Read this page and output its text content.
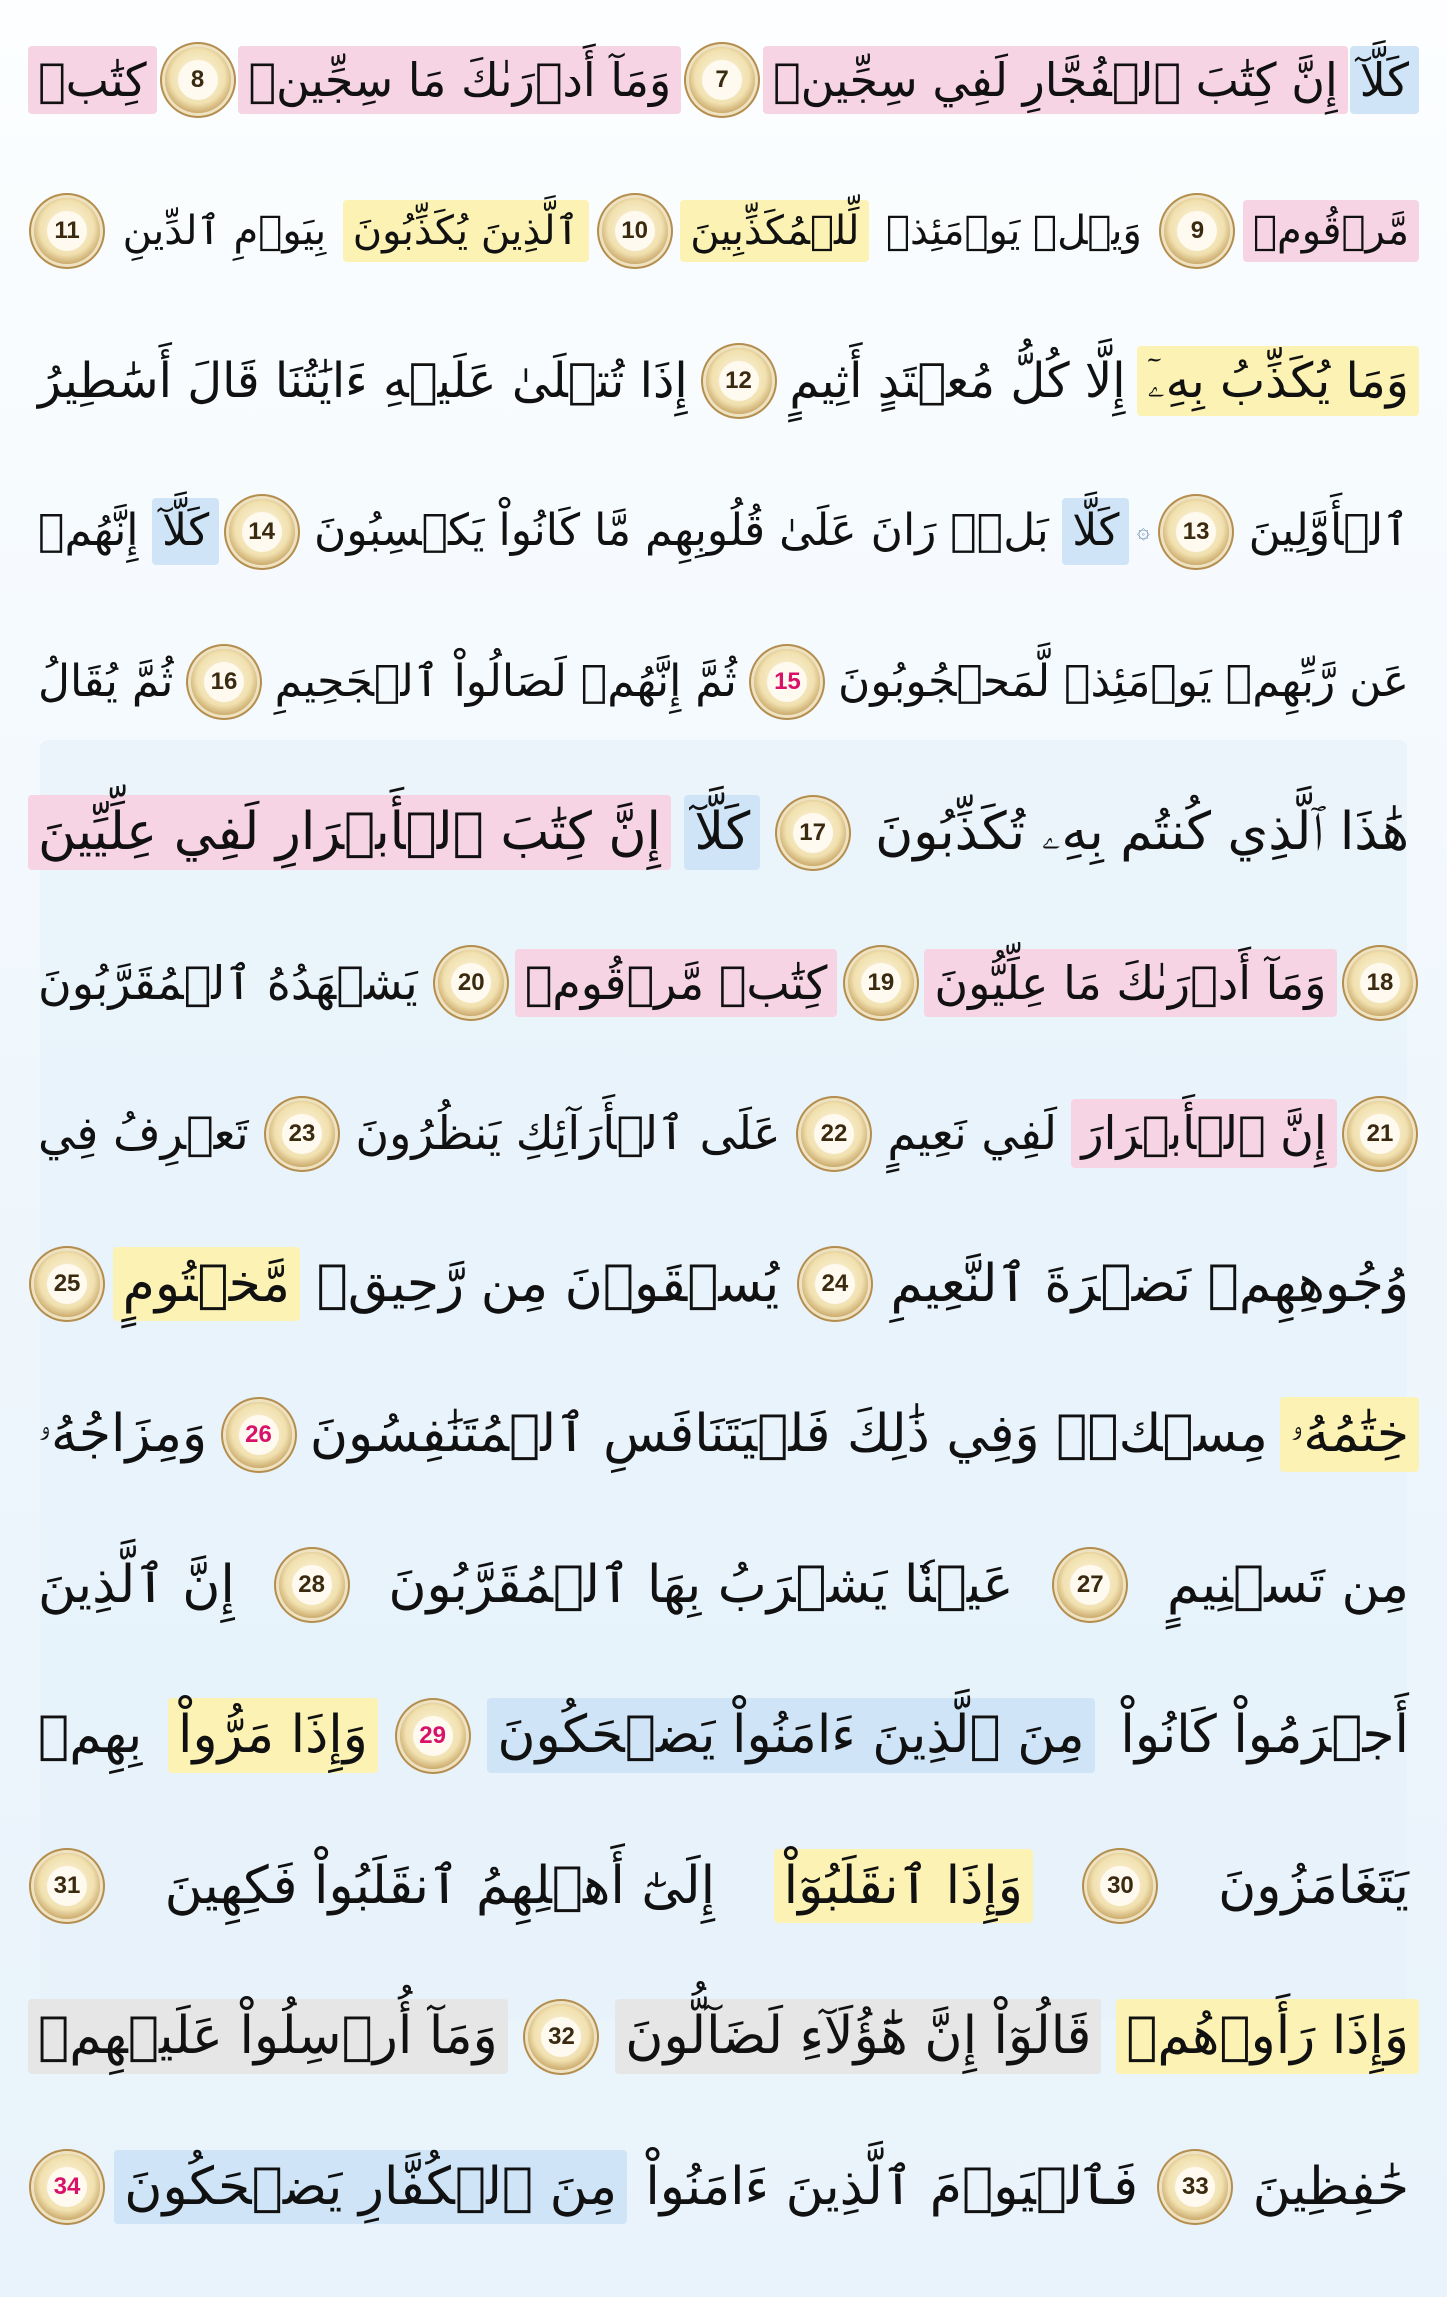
كَلَّآ
إِنَّ كِتَٰبَ ٱلۡفُجَّارِ لَفِي سِجِّينٖ
7
وَمَآ أَدۡرَىٰكَ مَا سِجِّينٞ
8
كِتَٰبٞ
مَّرۡقُومٞ
9
وَيۡلٞ يَوۡمَئِذٖ
لِّلۡمُكَذِّبِينَ
10
ٱلَّذِينَ يُكَذِّبُونَ
بِيَوۡمِ ٱلدِّينِ
11
وَمَا يُكَذِّبُ بِهِۦٓ
إِلَّا كُلُّ مُعۡتَدٍ أَثِيمٍ
12
إِذَا تُتۡلَىٰ عَلَيۡهِ ءَايَٰتُنَا قَالَ أَسَٰطِيرُ
ٱلۡأَوَّلِينَ
13
۞
كَلَّا
بَلۡۜ رَانَ عَلَىٰ قُلُوبِهِم مَّا كَانُواْ يَكۡسِبُونَ
14
كَلَّآ
إِنَّهُمۡ
عَن رَّبِّهِمۡ يَوۡمَئِذٖ لَّمَحۡجُوبُونَ
15
ثُمَّ إِنَّهُمۡ لَصَالُواْ ٱلۡجَحِيمِ
16
ثُمَّ يُقَالُ
هَٰذَا ٱلَّذِي كُنتُم بِهِۦ تُكَذِّبُونَ
17
كَلَّآ
إِنَّ كِتَٰبَ ٱلۡأَبۡرَارِ لَفِي عِلِّيِّينَ
18
وَمَآ أَدۡرَىٰكَ مَا عِلِّيُّونَ
19
كِتَٰبٞ مَّرۡقُومٞ
20
يَشۡهَدُهُ ٱلۡمُقَرَّبُونَ
21
إِنَّ ٱلۡأَبۡرَارَ
لَفِي نَعِيمٍ
22
عَلَى ٱلۡأَرَآئِكِ يَنظُرُونَ
23
تَعۡرِفُ فِي
وُجُوهِهِمۡ نَضۡرَةَ ٱلنَّعِيمِ
24
يُسۡقَوۡنَ مِن رَّحِيقٖ
مَّخۡتُومٍ
25
خِتَٰمُهُۥ
مِسۡكٞۚ وَفِي ذَٰلِكَ فَلۡيَتَنَافَسِ ٱلۡمُتَنَٰفِسُونَ
26
وَمِزَاجُهُۥ
مِن تَسۡنِيمٍ
27
عَيۡنٗا يَشۡرَبُ بِهَا ٱلۡمُقَرَّبُونَ
28
إِنَّ ٱلَّذِينَ
أَجۡرَمُواْ كَانُواْ
مِنَ ٱلَّذِينَ ءَامَنُواْ يَضۡحَكُونَ
29
وَإِذَا مَرُّواْ
بِهِمۡ
يَتَغَامَزُونَ
30
وَإِذَا ٱنقَلَبُوٓاْ
إِلَىٰٓ أَهۡلِهِمُ ٱنقَلَبُواْ فَكِهِينَ
31
وَإِذَا رَأَوۡهُمۡ
قَالُوٓاْ إِنَّ هَٰٓؤُلَآءِ لَضَآلُّونَ
32
وَمَآ أُرۡسِلُواْ عَلَيۡهِمۡ
حَٰفِظِينَ
33
فَٱلۡيَوۡمَ ٱلَّذِينَ ءَامَنُواْ
مِنَ ٱلۡكُفَّارِ يَضۡحَكُونَ
34
